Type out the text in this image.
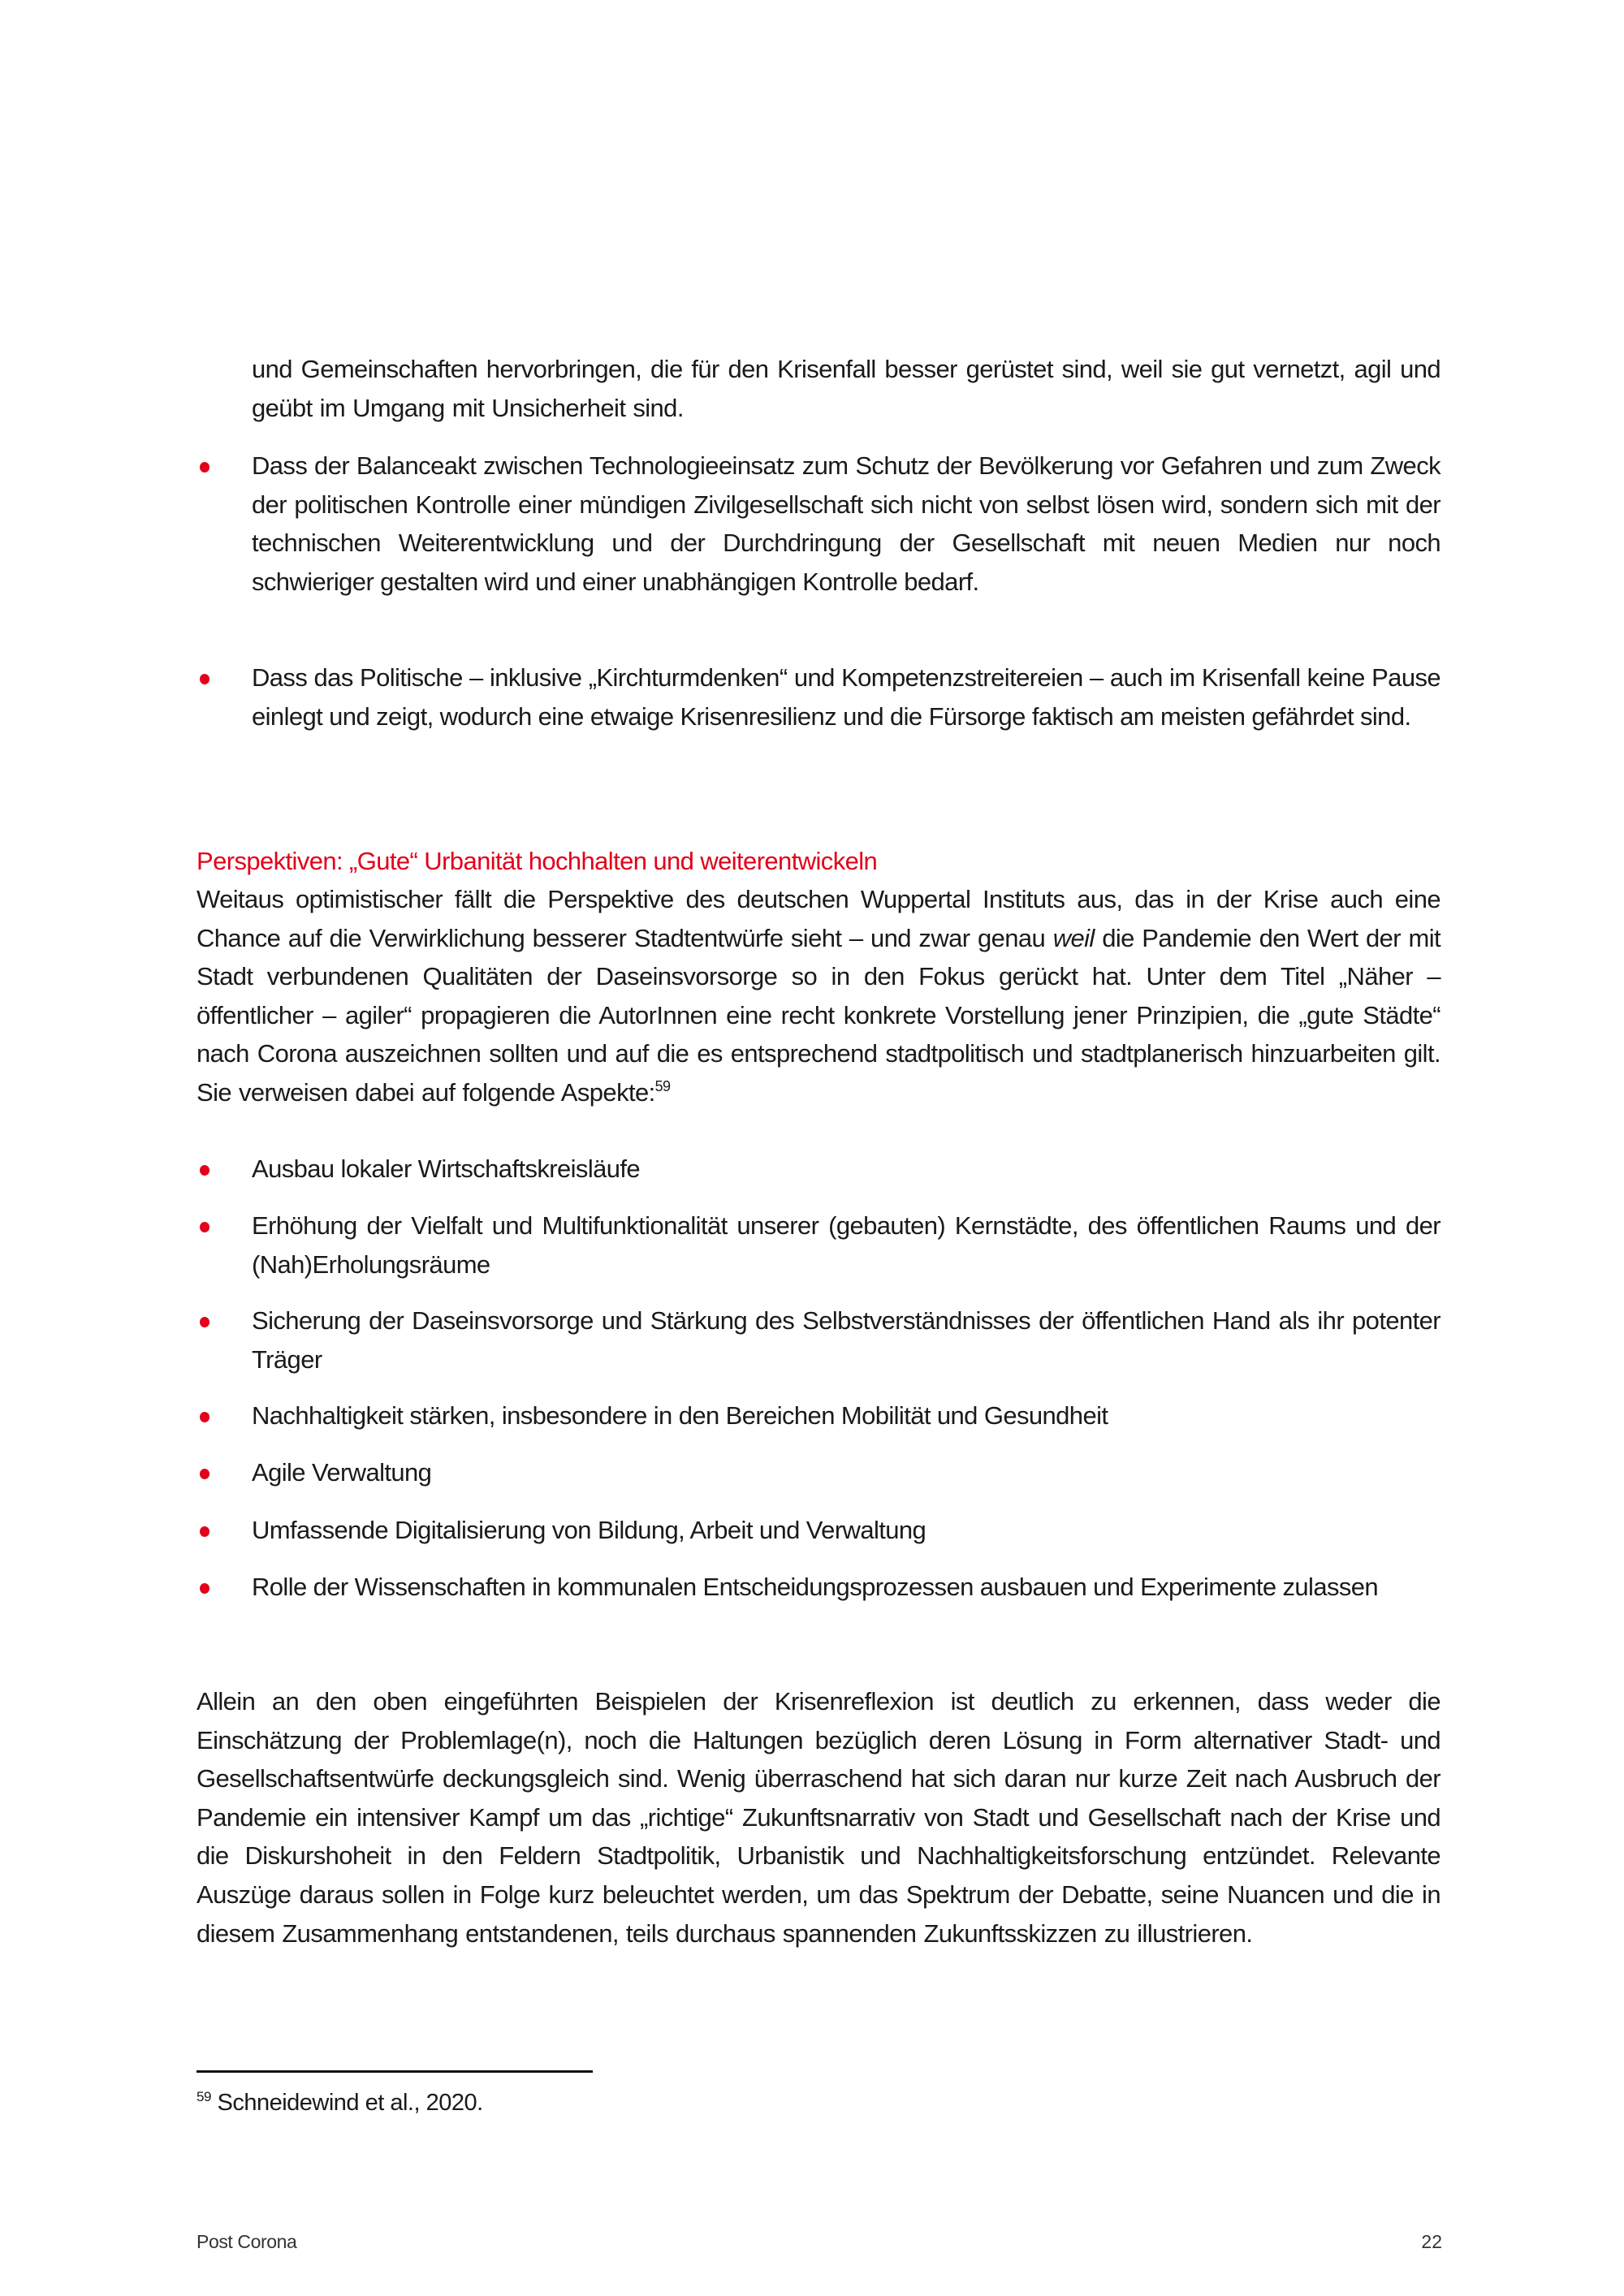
und Gemeinschaften hervorbringen, die für den Krisenfall besser gerüstet sind, weil sie gut vernetzt, agil und geübt im Umgang mit Unsicherheit sind.
Dass der Balanceakt zwischen Technologieeinsatz zum Schutz der Bevölkerung vor Gefahren und zum Zweck der politischen Kontrolle einer mündigen Zivilgesellschaft sich nicht von selbst lösen wird, sondern sich mit der technischen Weiterentwicklung und der Durchdringung der Gesellschaft mit neuen Medien nur noch schwieriger gestalten wird und einer unabhängigen Kontrolle bedarf.
Dass das Politische – inklusive „Kirchturmdenken“ und Kompetenzstreitereien – auch im Krisenfall keine Pause einlegt und zeigt, wodurch eine etwaige Krisenresilienz und die Fürsorge faktisch am meisten gefährdet sind.
Perspektiven: „Gute“ Urbanität hochhalten und weiterentwickeln
Weitaus optimistischer fällt die Perspektive des deutschen Wuppertal Instituts aus, das in der Krise auch eine Chance auf die Verwirklichung besserer Stadtentwürfe sieht – und zwar genau weil die Pandemie den Wert der mit Stadt verbundenen Qualitäten der Daseinsvorsorge so in den Fokus gerückt hat. Unter dem Titel „Näher – öffentlicher – agiler“ propagieren die AutorInnen eine recht konkrete Vorstellung jener Prinzipien, die „gute Städte“ nach Corona auszeichnen sollten und auf die es entsprechend stadtpolitisch und stadtplanerisch hinzuarbeiten gilt. Sie verweisen dabei auf folgende Aspekte:$^{59}$
Ausbau lokaler Wirtschaftskreisläufe
Erhöhung der Vielfalt und Multifunktionalität unserer (gebauten) Kernstädte, des öffentlichen Raums und der (Nah)Erholungsräume
Sicherung der Daseinsvorsorge und Stärkung des Selbstverständnisses der öffentlichen Hand als ihr potenter Träger
Nachhaltigkeit stärken, insbesondere in den Bereichen Mobilität und Gesundheit
Agile Verwaltung
Umfassende Digitalisierung von Bildung, Arbeit und Verwaltung
Rolle der Wissenschaften in kommunalen Entscheidungsprozessen ausbauen und Experimente zulassen
Allein an den oben eingeführten Beispielen der Krisenreflexion ist deutlich zu erkennen, dass weder die Einschätzung der Problemlage(n), noch die Haltungen bezüglich deren Lösung in Form alternativer Stadt- und Gesellschaftsentwürfe deckungsgleich sind. Wenig überraschend hat sich daran nur kurze Zeit nach Ausbruch der Pandemie ein intensiver Kampf um das „richtige“ Zukunftsnarrativ von Stadt und Gesellschaft nach der Krise und die Diskurshoheit in den Feldern Stadtpolitik, Urbanistik und Nachhaltigkeitsforschung entzündet. Relevante Auszüge daraus sollen in Folge kurz beleuchtet werden, um das Spektrum der Debatte, seine Nuancen und die in diesem Zusammenhang entstandenen, teils durchaus spannenden Zukunftsskizzen zu illustrieren.
$^{59}$ Schneidewind et al., 2020.
Post Corona	22
